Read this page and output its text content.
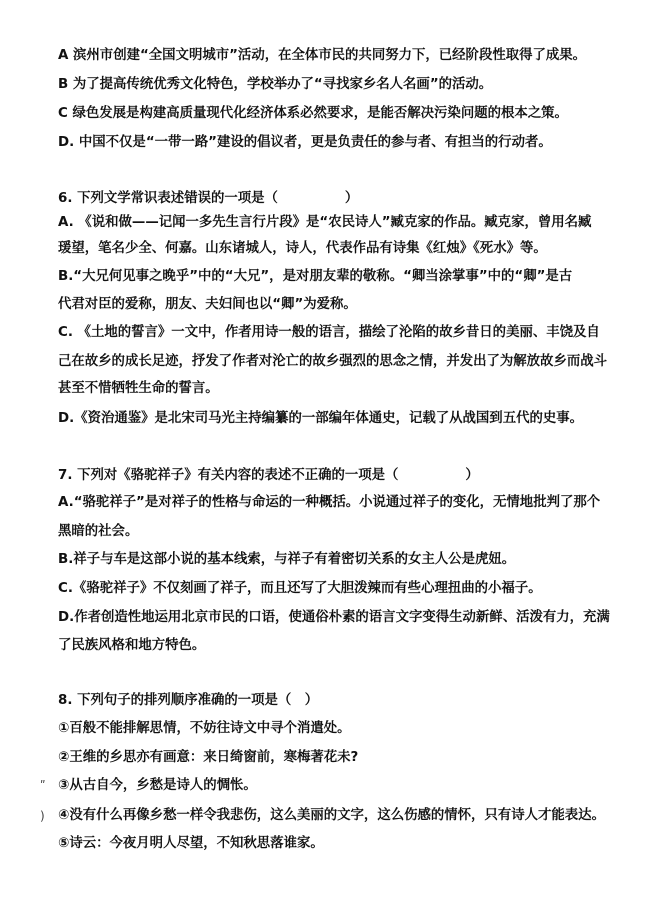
A 滨州市创建“全国文明城市”活动，在全体市民的共同努力下，已经阶段性取得了成果。
B 为了提高传统优秀文化特色，学校举办了“寻找家乡名人名画”的活动。
C 绿色发展是构建高质量现代化经济体系必然要求，是能否解决污染问题的根本之策。
D. 中国不仅是“一带一路”建设的倡议者，更是负责任的参与者、有担当的行动者。
6. 下列文学常识表述错误的一项是（　　　　　）
A. 《说和做——记闻一多先生言行片段》是“农民诗人”臧克家的作品。臧克家，曾用名臧
瑗望，笔名少全、何嘉。山东诸城人，诗人，代表作品有诗集《红烛》《死水》等。
B.“大兄何见事之晚乎”中的“大兄”，是对朋友辈的敬称。“卿当涂掌事”中的“卿”是古
代君对臣的爱称，朋友、夫妇间也以“卿”为爱称。
C. 《土地的誓言》一文中，作者用诗一般的语言，描绘了沦陷的故乡昔日的美丽、丰饶及自
己在故乡的成长足迹，抒发了作者对沦亡的故乡强烈的思念之情，并发出了为解放故乡而战斗
甚至不惜牺牲生命的誓言。
D.《资治通鉴》是北宋司马光主持编纂的一部编年体通史，记载了从战国到五代的史事。
7. 下列对《骆驼祥子》有关内容的表述不正确的一项是（　　　　　）
A.“骆驼祥子”是对祥子的性格与命运的一种概括。小说通过祥子的变化，无情地批判了那个
黑暗的社会。
B.祥子与车是这部小说的基本线索，与祥子有着密切关系的女主人公是虎妞。
C.《骆驼祥子》不仅刻画了祥子，而且还写了大胆泼辣而有些心理扭曲的小福子。
D.作者创造性地运用北京市民的口语，使通俗朴素的语言文字变得生动新鲜、活泼有力，充满
了民族风格和地方特色。
8. 下列句子的排列顺序准确的一项是（　）
①百般不能排解思情，不妨往诗文中寻个消遣处。
②王维的乡思亦有画意：来日绮窗前，寒梅著花未?
ʺ ③从古自今，乡愁是诗人的惆怅。
) ④没有什么再像乡愁一样令我悲伤，这么美丽的文字，这么伤感的情怀，只有诗人才能表达。
⑤诗云：今夜月明人尽望，不知秋思落谁家。
